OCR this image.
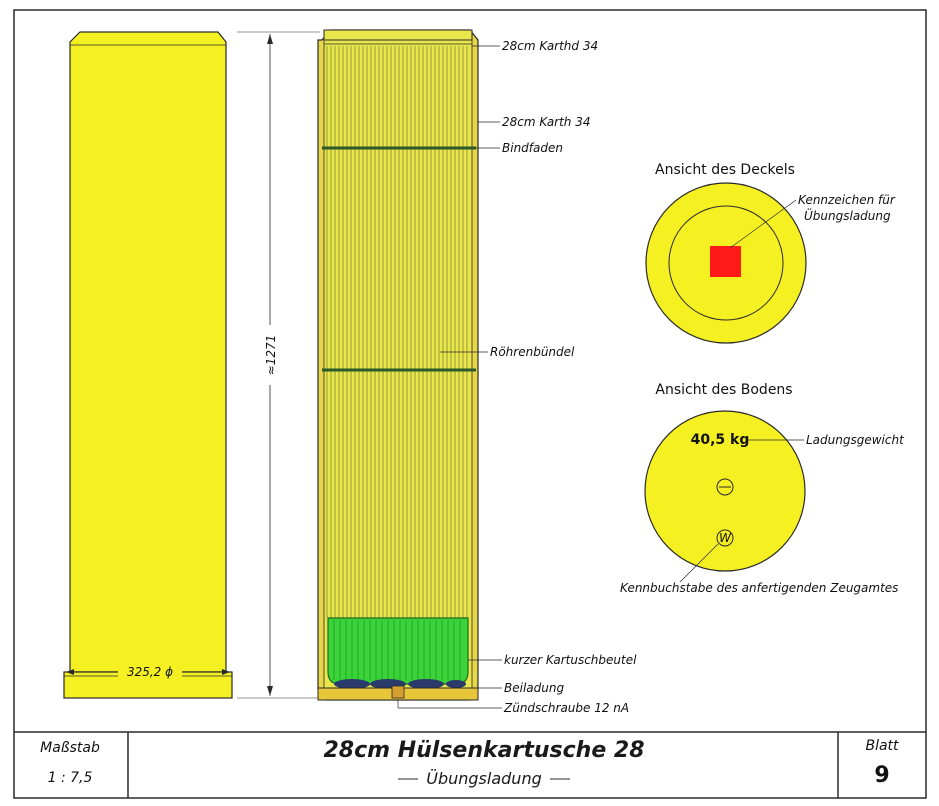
325,2 ϕ
≈1271
28cm Karthd 34
28cm Karth 34
Bindfaden
Röhrenbündel
kurzer Kartuschbeutel
Beiladung
Zündschraube 12 nA
Ansicht des Deckels
Kennzeichen für
Übungsladung
Ansicht des Bodens
40,5 kg	Ladungsgewicht
W
Kennbuchstabe des anfertigenden Zeugamtes
Maßstab
1 : 7,5
28cm Hülsenkartusche 28
Übungsladung
Blatt
9
